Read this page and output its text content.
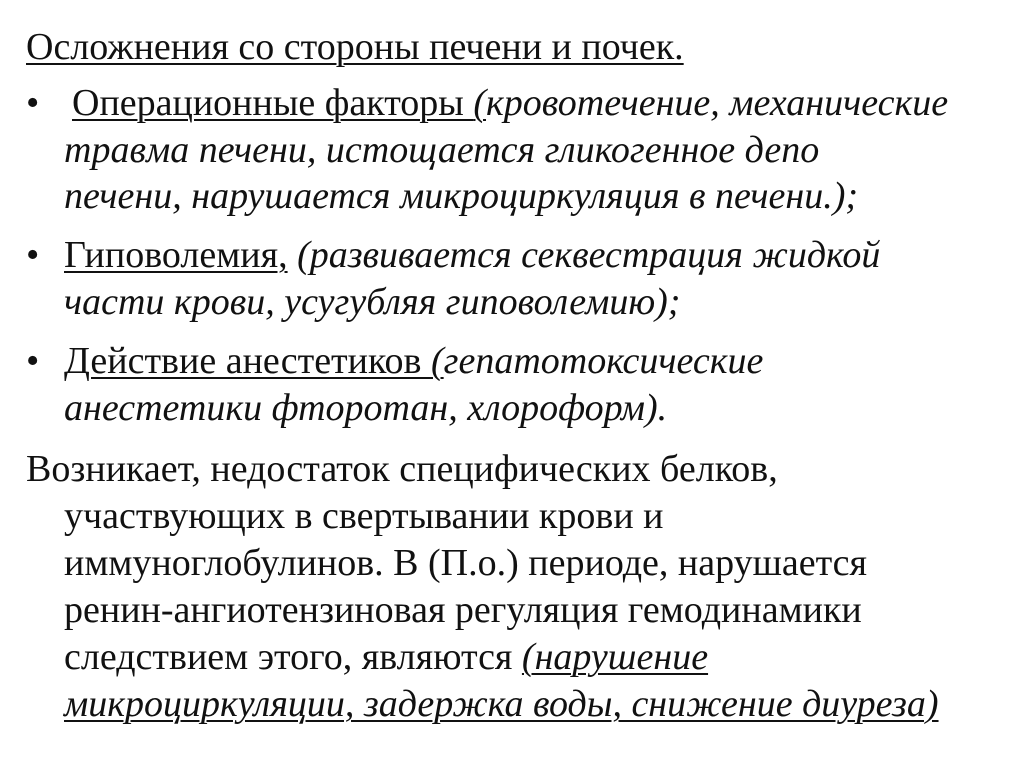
Осложнения со стороны печени и почек.
• Операционные факторы (кровотечение, механические
травма печени, истощается гликогенное депо
печени, нарушается микроциркуляция в печени.);
• Гиповолемия, (развивается секвестрация жидкой
части крови, усугубляя гиповолемию);
• Действие анестетиков (гепатотоксические
анестетики фторотан, хлороформ).
Возникает, недостаток специфических белков,
участвующих в свертывании крови и
иммуноглобулинов. В (П.о.) периоде, нарушается
ренин-ангиотензиновая регуляция гемодинамики
следствием этого, являются (нарушение
микроциркуляции, задержка воды, снижение диуреза)
